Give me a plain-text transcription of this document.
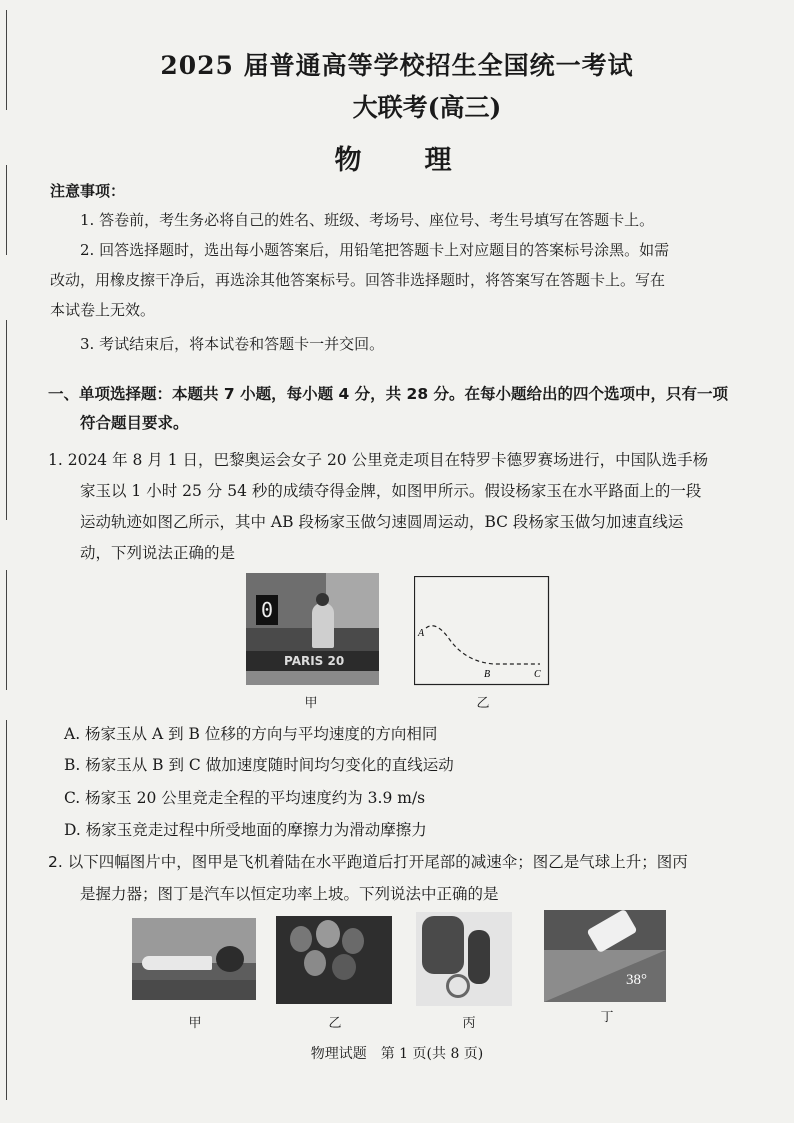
2025 届普通高等学校招生全国统一考试
大联考(高三)
物　理
注意事项：
1. 答卷前，考生务必将自己的姓名、班级、考场号、座位号、考生号填写在答题卡上。
2. 回答选择题时，选出每小题答案后，用铅笔把答题卡上对应题目的答案标号涂黑。如需
改动，用橡皮擦干净后，再选涂其他答案标号。回答非选择题时，将答案写在答题卡上。写在
本试卷上无效。
3. 考试结束后，将本试卷和答题卡一并交回。
一、单项选择题：本题共 7 小题，每小题 4 分，共 28 分。在每小题给出的四个选项中，只有一项
符合题目要求。
1. 2024 年 8 月 1 日，巴黎奥运会女子 20 公里竞走项目在特罗卡德罗赛场进行，中国队选手杨
家玉以 1 小时 25 分 54 秒的成绩夺得金牌，如图甲所示。假设杨家玉在水平路面上的一段
运动轨迹如图乙所示，其中 AB 段杨家玉做匀速圆周运动，BC 段杨家玉做匀加速直线运
动，下列说法正确的是
0
PARIS 20
甲
A
B	C
乙
A. 杨家玉从 A 到 B 位移的方向与平均速度的方向相同
B. 杨家玉从 B 到 C 做加速度随时间均匀变化的直线运动
C. 杨家玉 20 公里竞走全程的平均速度约为 3.9 m/s
D. 杨家玉竞走过程中所受地面的摩擦力为滑动摩擦力
2. 以下四幅图片中，图甲是飞机着陆在水平跑道后打开尾部的减速伞；图乙是气球上升；图丙
是握力器；图丁是汽车以恒定功率上坡。下列说法中正确的是
38°
甲	乙	丙	丁
物理试题　第 1 页(共 8 页)
